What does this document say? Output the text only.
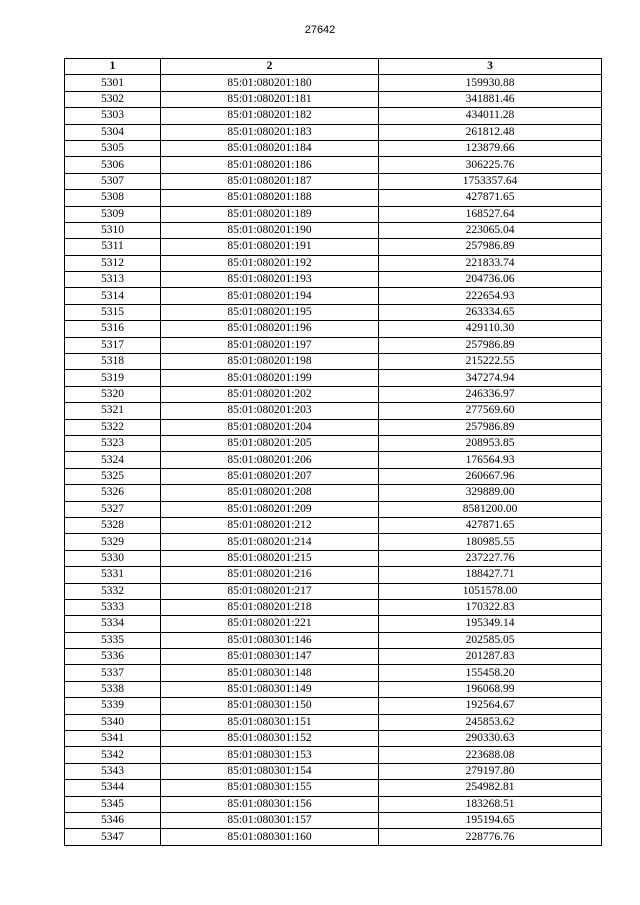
27642
1	2	3
5301	85:01:080201:180	159930.88
5302	85:01:080201:181	341881.46
5303	85:01:080201:182	434011.28
5304	85:01:080201:183	261812.48
5305	85:01:080201:184	123879.66
5306	85:01:080201:186	306225.76
5307	85:01:080201:187	1753357.64
5308	85:01:080201:188	427871.65
5309	85:01:080201:189	168527.64
5310	85:01:080201:190	223065.04
5311	85:01:080201:191	257986.89
5312	85:01:080201:192	221833.74
5313	85:01:080201:193	204736.06
5314	85:01:080201:194	222654.93
5315	85:01:080201:195	263334.65
5316	85:01:080201:196	429110.30
5317	85:01:080201:197	257986.89
5318	85:01:080201:198	215222.55
5319	85:01:080201:199	347274.94
5320	85:01:080201:202	246336.97
5321	85:01:080201:203	277569.60
5322	85:01:080201:204	257986.89
5323	85:01:080201:205	208953.85
5324	85:01:080201:206	176564.93
5325	85:01:080201:207	260667.96
5326	85:01:080201:208	329889.00
5327	85:01:080201:209	8581200.00
5328	85:01:080201:212	427871.65
5329	85:01:080201:214	180985.55
5330	85:01:080201:215	237227.76
5331	85:01:080201:216	188427.71
5332	85:01:080201:217	1051578.00
5333	85:01:080201:218	170322.83
5334	85:01:080201:221	195349.14
5335	85:01:080301:146	202585.05
5336	85:01:080301:147	201287.83
5337	85:01:080301:148	155458.20
5338	85:01:080301:149	196068.99
5339	85:01:080301:150	192564.67
5340	85:01:080301:151	245853.62
5341	85:01:080301:152	290330.63
5342	85:01:080301:153	223688.08
5343	85:01:080301:154	279197.80
5344	85:01:080301:155	254982.81
5345	85:01:080301:156	183268.51
5346	85:01:080301:157	195194.65
5347	85:01:080301:160	228776.76
